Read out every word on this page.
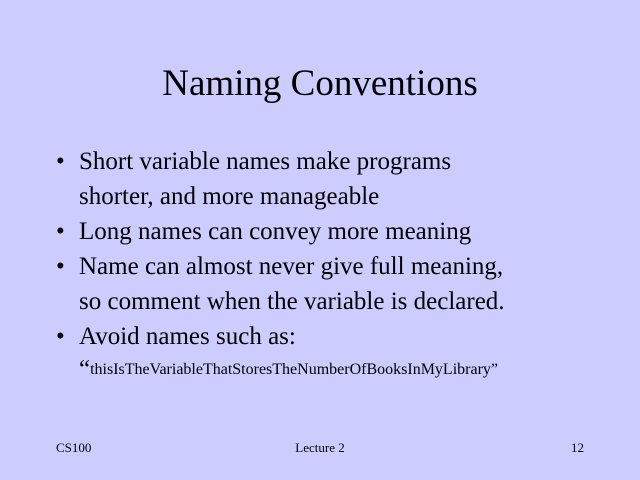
Naming Conventions
• Short variable names make programs
shorter, and more manageable
• Long names can convey more meaning
• Name can almost never give full meaning,
so comment when the variable is declared.
• Avoid names such as:
“thisIsTheVariableThatStoresTheNumberOfBooksInMyLibrary”
CS100	Lecture 2	12
